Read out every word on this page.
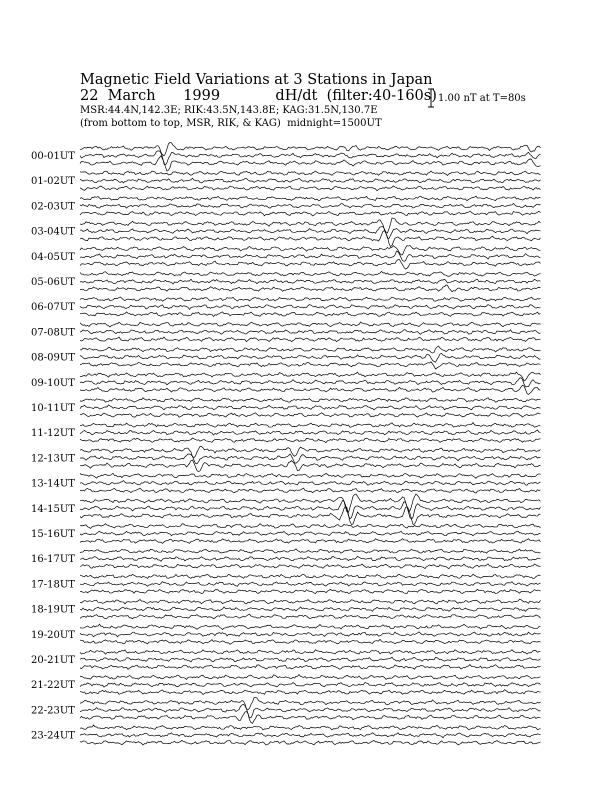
Magnetic Field Variations at 3 Stations in Japan
22  March      1999	dH/dt (filter:40-160s)
MSR:44.4N,142.3E; RIK:43.5N,143.8E; KAG:31.5N,130.7E
(from bottom to top, MSR, RIK, & KAG) midnight=1500UT
1.00 nT at T=80s
00-01UT
01-02UT
02-03UT
03-04UT
04-05UT
05-06UT
06-07UT
07-08UT
08-09UT
09-10UT
10-11UT
11-12UT
12-13UT
13-14UT
14-15UT
15-16UT
16-17UT
17-18UT
18-19UT
19-20UT
20-21UT
21-22UT
22-23UT
23-24UT
